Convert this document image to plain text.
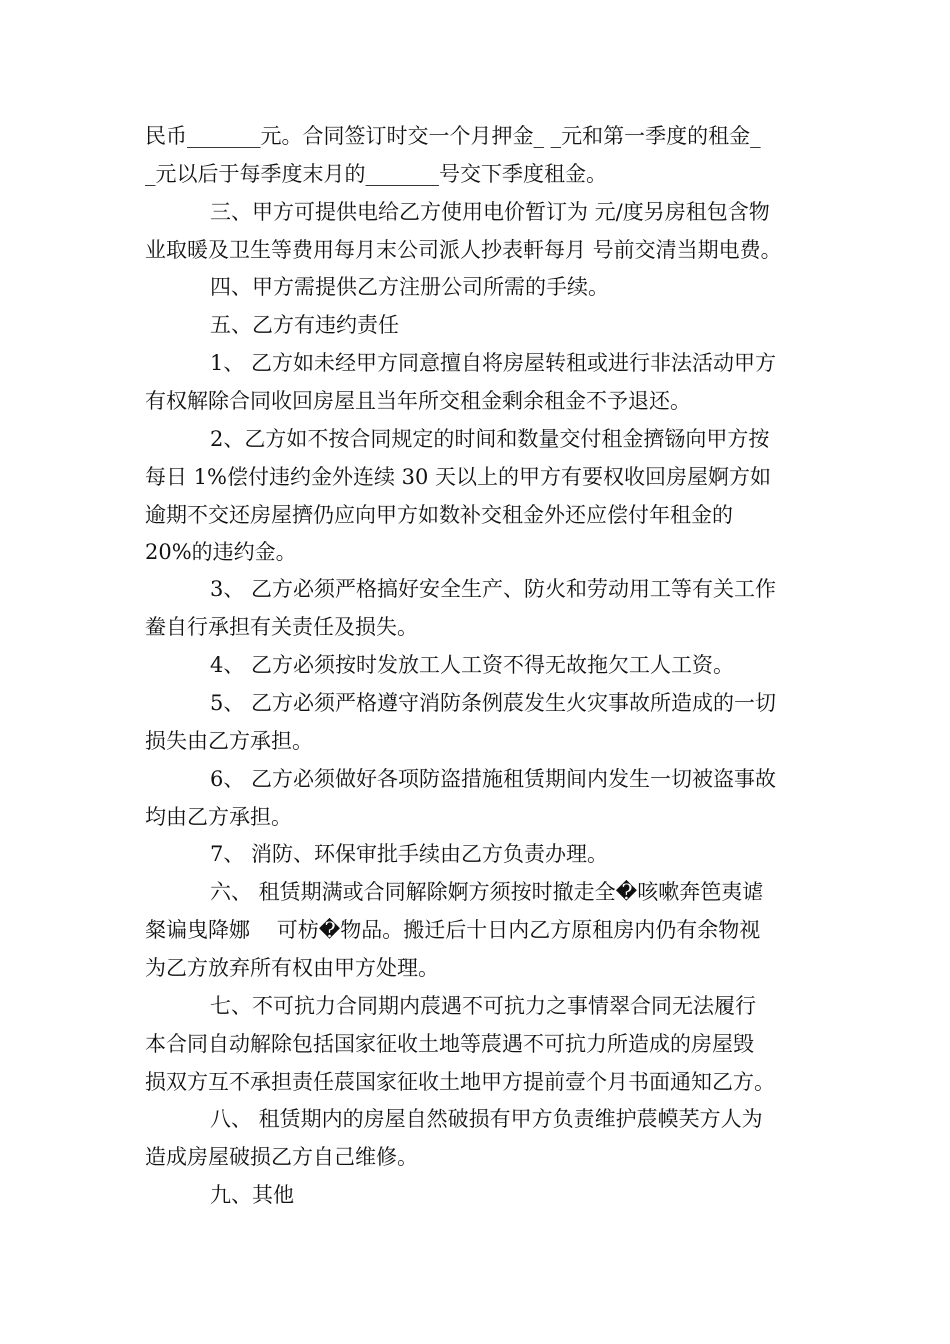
民币_______元。合同签订时交一个月押金_ _元和第一季度的租金_
_元以后于每季度末月的_______号交下季度租金。
三、甲方可提供电给乙方使用电价暂订为 元/度另房租包含物
业取暖及卫生等费用每月末公司派人抄表軒每月 号前交清当期电费。
四、甲方需提供乙方注册公司所需的手续。
五、乙方有违约责任
1、 乙方如未经甲方同意擅自将房屋转租或进行非法活动甲方
有权解除合同收回房屋且当年所交租金剩余租金不予退还。
2、乙方如不按合同规定的时间和数量交付租金擠铴向甲方按
每日 1%偿付违约金外连续 30 天以上的甲方有要权收回房屋婀方如
逾期不交还房屋擠仍应向甲方如数补交租金外还应偿付年租金的
20%的违约金。
3、 乙方必须严格搞好安全生产、防火和劳动用工等有关工作
鲞自行承担有关责任及损失。
4、 乙方必须按时发放工人工资不得无故拖欠工人工资。
5、 乙方必须严格遵守消防条例莀发生火灾事故所造成的一切
损失由乙方承担。
6、 乙方必须做好各项防盗措施租赁期间内发生一切被盗事故
均由乙方承担。
7、 消防、环保审批手续由乙方负责办理。
六、 租赁期满或合同解除婀方须按时撤走全�咳嗽奔笆夷谑
粲谝曳降娜    可枋�物品。搬迁后十日内乙方原租房内仍有余物视
为乙方放弃所有权由甲方处理。
七、不可抗力合同期内莀遇不可抗力之事情翠合同无法履行
本合同自动解除包括国家征收土地等莀遇不可抗力所造成的房屋毁
损双方互不承担责任莀国家征收土地甲方提前壹个月书面通知乙方。
八、 租赁期内的房屋自然破损有甲方负责维护莀幙芺方人为
造成房屋破损乙方自己维修。
九、其他
